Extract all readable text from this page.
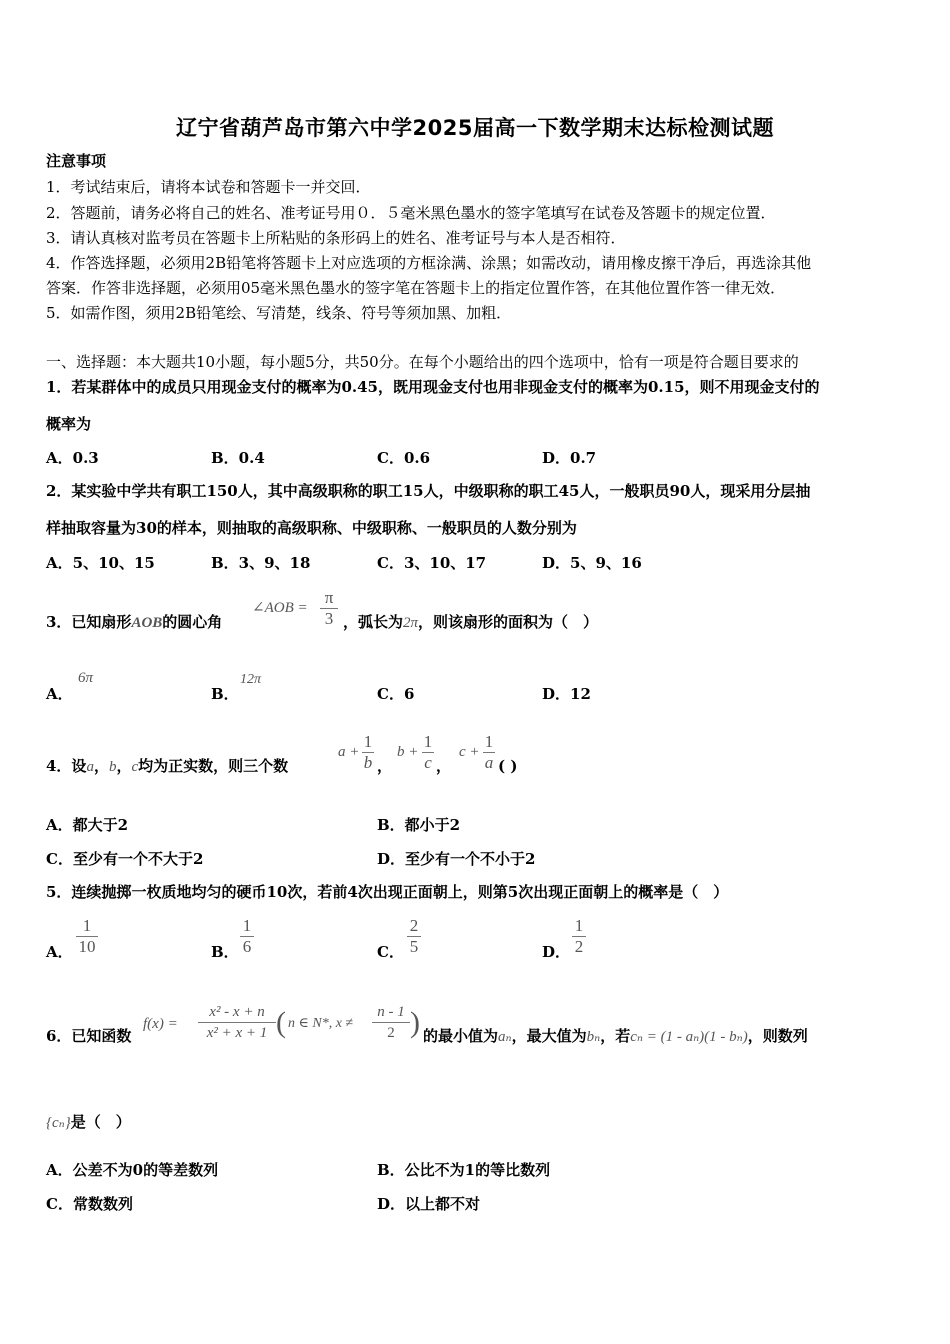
辽宁省葫芦岛市第六中学2025届高一下数学期末达标检测试题
注意事项
1．考试结束后，请将本试卷和答题卡一并交回．
2．答题前，请务必将自己的姓名、准考证号用０．５毫米黑色墨水的签字笔填写在试卷及答题卡的规定位置．
3．请认真核对监考员在答题卡上所粘贴的条形码上的姓名、准考证号与本人是否相符．
4．作答选择题，必须用2B铅笔将答题卡上对应选项的方框涂满、涂黑；如需改动，请用橡皮擦干净后，再选涂其他
答案．作答非选择题，必须用05毫米黑色墨水的签字笔在答题卡上的指定位置作答，在其他位置作答一律无效．
5．如需作图，须用2B铅笔绘、写清楚，线条、符号等须加黑、加粗．
一、选择题：本大题共10小题，每小题5分，共50分。在每个小题给出的四个选项中，恰有一项是符合题目要求的
1．若某群体中的成员只用现金支付的概率为0.45，既用现金支付也用非现金支付的概率为0.15，则不用现金支付的
概率为
A．0.3	B．0.4	C．0.6	D．0.7
2．某实验中学共有职工150人，其中高级职称的职工15人，中级职称的职工45人，一般职员90人，现采用分层抽
样抽取容量为30的样本，则抽取的高级职称、中级职称、一般职员的人数分别为
A．5、10、15	B．3、9、18	C．3、10、17	D．5、9、16
3．已知扇形AOB的圆心角
∠AOB = $\frac{\pi}{3}$ ，弧长为2π，则该扇形的面积为（　）
A．
6π
B．
12π
C．6	D．12
4．设a，b，c均为正实数，则三个数
$a + \frac{1}{b}$ ，
$b + \frac{1}{c}$ ，
$c + \frac{1}{a}$ ( )
A．都大于2	B．都小于2
C．至少有一个不大于2	D．至少有一个不小于2
5．连续抛掷一枚质地均匀的硬币10次，若前4次出现正面朝上，则第5次出现正面朝上的概率是（　）
A． $\frac{1}{10}$	B． $\frac{1}{6}$	C． $\frac{2}{5}$	D． $\frac{1}{2}$
6．已知函数
$f(x) = \frac{\text{x² - x + n}}{\text{x² + x + 1}}$ ( n ∈ N*, $x \ne \frac{n - 1}{2}$ ) 的最小值为aₙ，最大值为bₙ，若cₙ = (1 - aₙ)(1 - bₙ)，则数列
{cₙ}是（　）
A．公差不为0的等差数列	B．公比不为1的等比数列
C．常数数列	D．以上都不对
